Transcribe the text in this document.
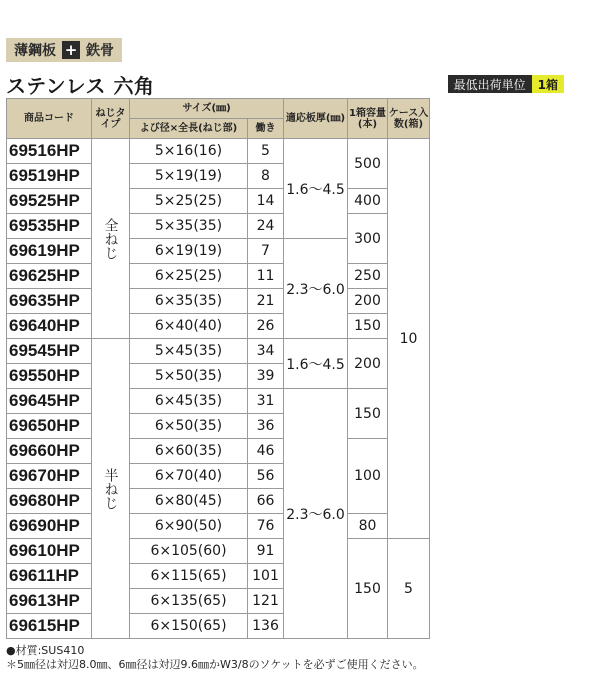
薄鋼板 + 鉄骨
ステンレス 六角	最低出荷単位	1箱
商品コード	ねじタイプ	サイズ(㎜)		適応板厚(㎜)	1箱容量(本)	ケース入数(箱)
		よび径×全長(ねじ部)	働き			
69516HP	全ねじ	5×16(16)	5	1.6～4.5	500	10
69519HP		5×19(19)	8			
69525HP		5×25(25)	14		400	
69535HP		5×35(35)	24		300	
69619HP		6×19(19)	7	2.3～6.0		
69625HP		6×25(25)	11		250	
69635HP		6×35(35)	21		200	
69640HP		6×40(40)	26		150	
69545HP	半ねじ	5×45(35)	34	1.6～4.5	200	
69550HP		5×50(35)	39			
69645HP		6×45(35)	31	2.3～6.0	150	
69650HP		6×50(35)	36			
69660HP		6×60(35)	46		100	
69670HP		6×70(40)	56			
69680HP		6×80(45)	66			
69690HP		6×90(50)	76		80	
69610HP		6×105(60)	91		150	5
69611HP		6×115(65)	101			
69613HP		6×135(65)	121			
69615HP		6×150(65)	136			
●材質:SUS410
＊5㎜径は対辺8.0㎜、6㎜径は対辺9.6㎜かW3/8のソケットを必ずご使用ください。
